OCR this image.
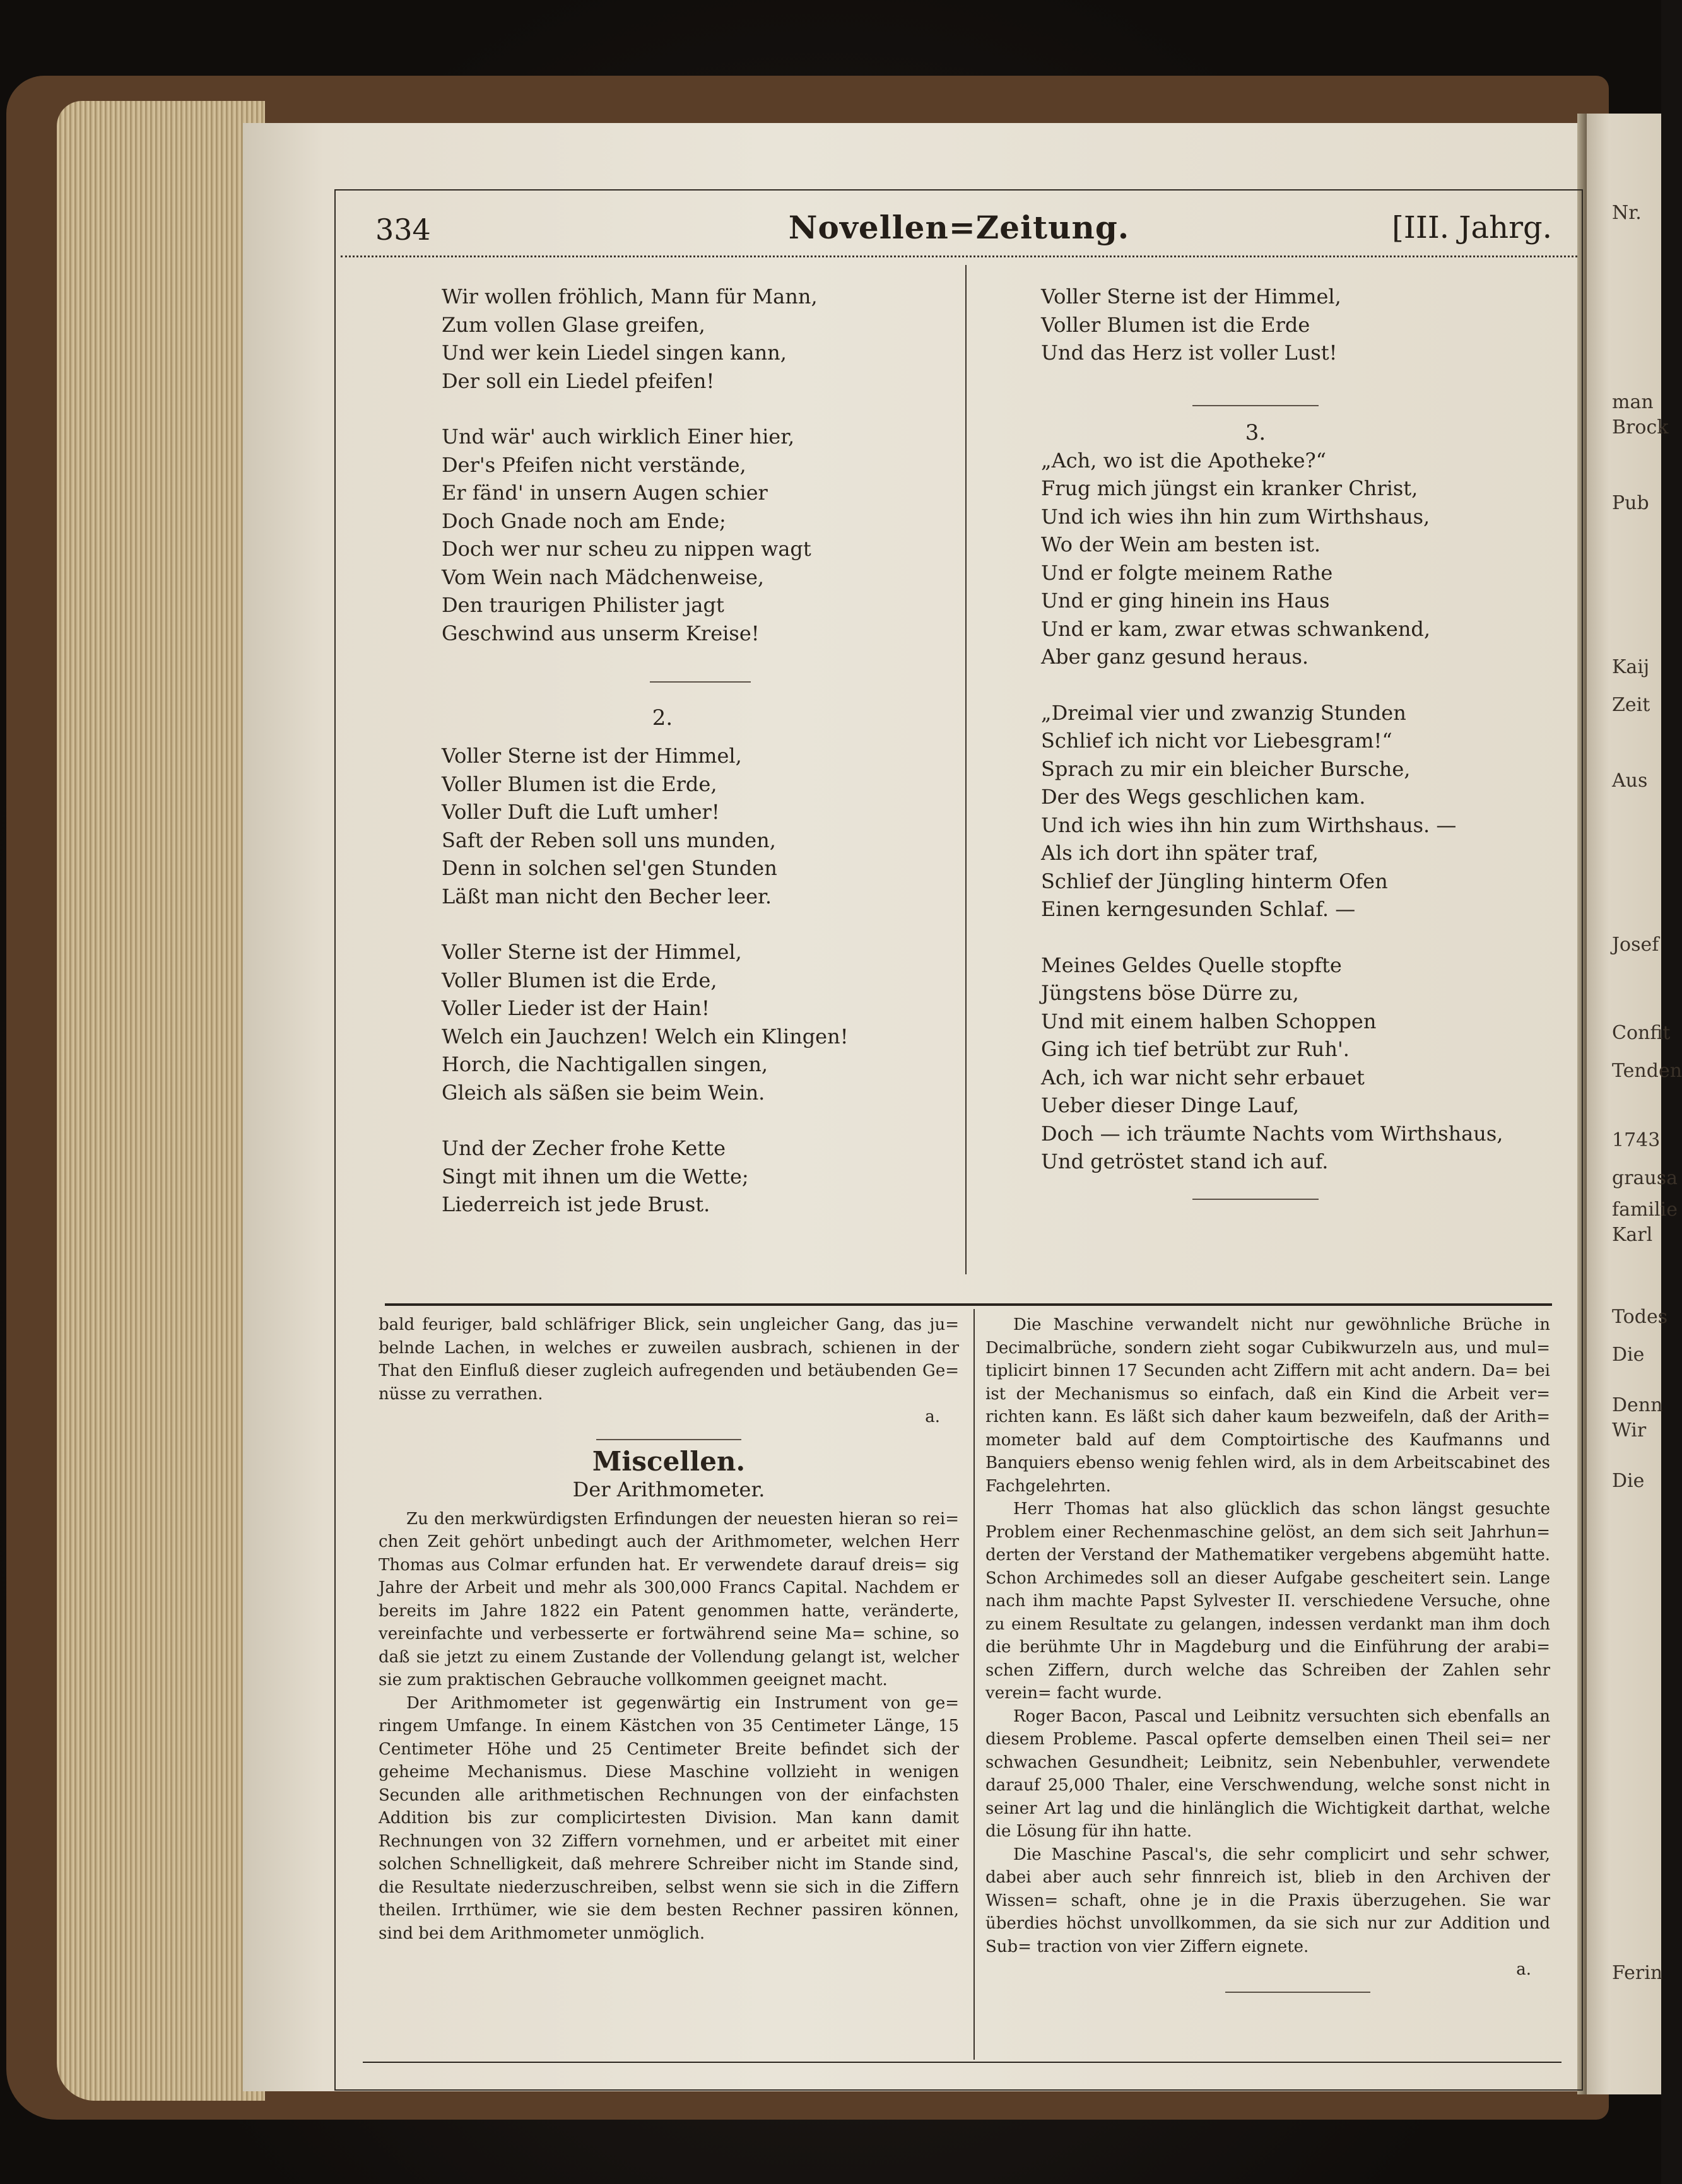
Nr.
man
Brock
Pub
Kaij
Zeit
Aus
Josef
Confit
Tenden
1743
grausa
familie
Karl
Todes
Die
Denn
Wir
Die
Ferin
334	Novellen=Zeitung.	[III. Jahrg.
Wir wollen fröhlich, Mann für Mann,
Zum vollen Glase greifen,
Und wer kein Liedel singen kann,
Der soll ein Liedel pfeifen!
Und wär' auch wirklich Einer hier,
Der's Pfeifen nicht verstände,
Er fänd' in unsern Augen schier
Doch Gnade noch am Ende;
Doch wer nur scheu zu nippen wagt
Vom Wein nach Mädchenweise,
Den traurigen Philister jagt
Geschwind aus unserm Kreise!
2.
Voller Sterne ist der Himmel,
Voller Blumen ist die Erde,
Voller Duft die Luft umher!
Saft der Reben soll uns munden,
Denn in solchen sel'gen Stunden
Läßt man nicht den Becher leer.
Voller Sterne ist der Himmel,
Voller Blumen ist die Erde,
Voller Lieder ist der Hain!
Welch ein Jauchzen! Welch ein Klingen!
Horch, die Nachtigallen singen,
Gleich als säßen sie beim Wein.
Und der Zecher frohe Kette
Singt mit ihnen um die Wette;
Liederreich ist jede Brust.
Voller Sterne ist der Himmel,
Voller Blumen ist die Erde
Und das Herz ist voller Lust!
3.
„Ach, wo ist die Apotheke?“
Frug mich jüngst ein kranker Christ,
Und ich wies ihn hin zum Wirthshaus,
Wo der Wein am besten ist.
Und er folgte meinem Rathe
Und er ging hinein ins Haus
Und er kam, zwar etwas schwankend,
Aber ganz gesund heraus.
„Dreimal vier und zwanzig Stunden
Schlief ich nicht vor Liebesgram!“
Sprach zu mir ein bleicher Bursche,
Der des Wegs geschlichen kam.
Und ich wies ihn hin zum Wirthshaus. —
Als ich dort ihn später traf,
Schlief der Jüngling hinterm Ofen
Einen kerngesunden Schlaf. —
Meines Geldes Quelle stopfte
Jüngstens böse Dürre zu,
Und mit einem halben Schoppen
Ging ich tief betrübt zur Ruh'.
Ach, ich war nicht sehr erbauet
Ueber dieser Dinge Lauf,
Doch — ich träumte Nachts vom Wirthshaus,
Und getröstet stand ich auf.

bald feuriger, bald schläfriger Blick, sein ungleicher Gang, das ju= belnde Lachen, in welches er zuweilen ausbrach, schienen in der That den Einfluß dieser zugleich aufregenden und betäubenden Ge= nüsse zu verrathen.

a.
Miscellen.
Der Arithmometer.

Zu den merkwürdigsten Erfindungen der neuesten hieran so rei= chen Zeit gehört unbedingt auch der Arithmometer, welchen Herr Thomas aus Colmar erfunden hat. Er verwendete darauf dreis= sig Jahre der Arbeit und mehr als 300,000 Francs Capital. Nachdem er bereits im Jahre 1822 ein Patent genommen hatte, veränderte, vereinfachte und verbesserte er fortwährend seine Ma= schine, so daß sie jetzt zu einem Zustande der Vollendung gelangt ist, welcher sie zum praktischen Gebrauche vollkommen geeignet macht.

Der Arithmometer ist gegenwärtig ein Instrument von ge= ringem Umfange. In einem Kästchen von 35 Centimeter Länge, 15 Centimeter Höhe und 25 Centimeter Breite befindet sich der geheime Mechanismus. Diese Maschine vollzieht in wenigen Secunden alle arithmetischen Rechnungen von der einfachsten Addition bis zur complicirtesten Division. Man kann damit Rechnungen von 32 Ziffern vornehmen, und er arbeitet mit einer solchen Schnelligkeit, daß mehrere Schreiber nicht im Stande sind, die Resultate niederzuschreiben, selbst wenn sie sich in die Ziffern theilen. Irrthümer, wie sie dem besten Rechner passiren können, sind bei dem Arithmometer unmöglich.

Die Maschine verwandelt nicht nur gewöhnliche Brüche in Decimalbrüche, sondern zieht sogar Cubikwurzeln aus, und mul= tiplicirt binnen 17 Secunden acht Ziffern mit acht andern. Da= bei ist der Mechanismus so einfach, daß ein Kind die Arbeit ver= richten kann. Es läßt sich daher kaum bezweifeln, daß der Arith= mometer bald auf dem Comptoirtische des Kaufmanns und Banquiers ebenso wenig fehlen wird, als in dem Arbeitscabinet des Fachgelehrten.

Herr Thomas hat also glücklich das schon längst gesuchte Problem einer Rechenmaschine gelöst, an dem sich seit Jahrhun= derten der Verstand der Mathematiker vergebens abgemüht hatte. Schon Archimedes soll an dieser Aufgabe gescheitert sein. Lange nach ihm machte Papst Sylvester II. verschiedene Versuche, ohne zu einem Resultate zu gelangen, indessen verdankt man ihm doch die berühmte Uhr in Magdeburg und die Einführung der arabi= schen Ziffern, durch welche das Schreiben der Zahlen sehr verein= facht wurde.

Roger Bacon, Pascal und Leibnitz versuchten sich ebenfalls an diesem Probleme. Pascal opferte demselben einen Theil sei= ner schwachen Gesundheit; Leibnitz, sein Nebenbuhler, verwendete darauf 25,000 Thaler, eine Verschwendung, welche sonst nicht in seiner Art lag und die hinlänglich die Wichtigkeit darthat, welche die Lösung für ihn hatte.

Die Maschine Pascal's, die sehr complicirt und sehr schwer, dabei aber auch sehr finnreich ist, blieb in den Archiven der Wissen= schaft, ohne je in die Praxis überzugehen. Sie war überdies höchst unvollkommen, da sie sich nur zur Addition und Sub= traction von vier Ziffern eignete.

a.
